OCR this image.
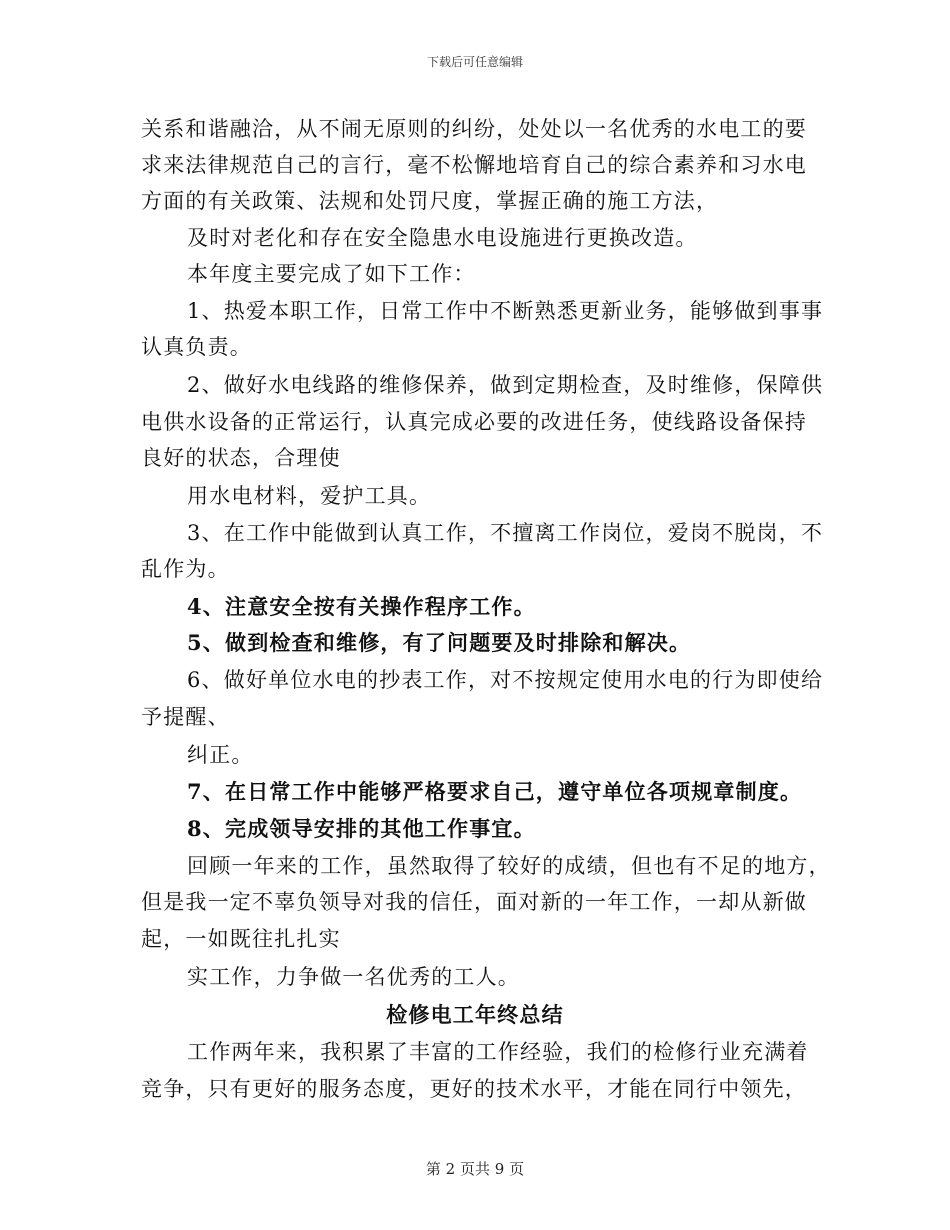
下载后可任意编辑
关系和谐融洽，从不闹无原则的纠纷，处处以一名优秀的水电工的要
求来法律规范自己的言行，毫不松懈地培育自己的综合素养和习水电
方面的有关政策、法规和处罚尺度，掌握正确的施工方法，
及时对老化和存在安全隐患水电设施进行更换改造。
本年度主要完成了如下工作：
1、热爱本职工作，日常工作中不断熟悉更新业务，能够做到事事
认真负责。
2、做好水电线路的维修保养，做到定期检查，及时维修，保障供
电供水设备的正常运行，认真完成必要的改进任务，使线路设备保持
良好的状态，合理使
用水电材料，爱护工具。
3、在工作中能做到认真工作，不擅离工作岗位，爱岗不脱岗，不
乱作为。
4、注意安全按有关操作程序工作。
5、做到检查和维修，有了问题要及时排除和解决。
6、做好单位水电的抄表工作，对不按规定使用水电的行为即使给
予提醒、
纠正。
7、在日常工作中能够严格要求自己，遵守单位各项规章制度。
8、完成领导安排的其他工作事宜。
回顾一年来的工作，虽然取得了较好的成绩，但也有不足的地方，
但是我一定不辜负领导对我的信任，面对新的一年工作，一却从新做
起，一如既往扎扎实
实工作，力争做一名优秀的工人。
检修电工年终总结
工作两年来，我积累了丰富的工作经验，我们的检修行业充满着
竞争，只有更好的服务态度，更好的技术水平，才能在同行中领先，
第 2 页共 9 页
